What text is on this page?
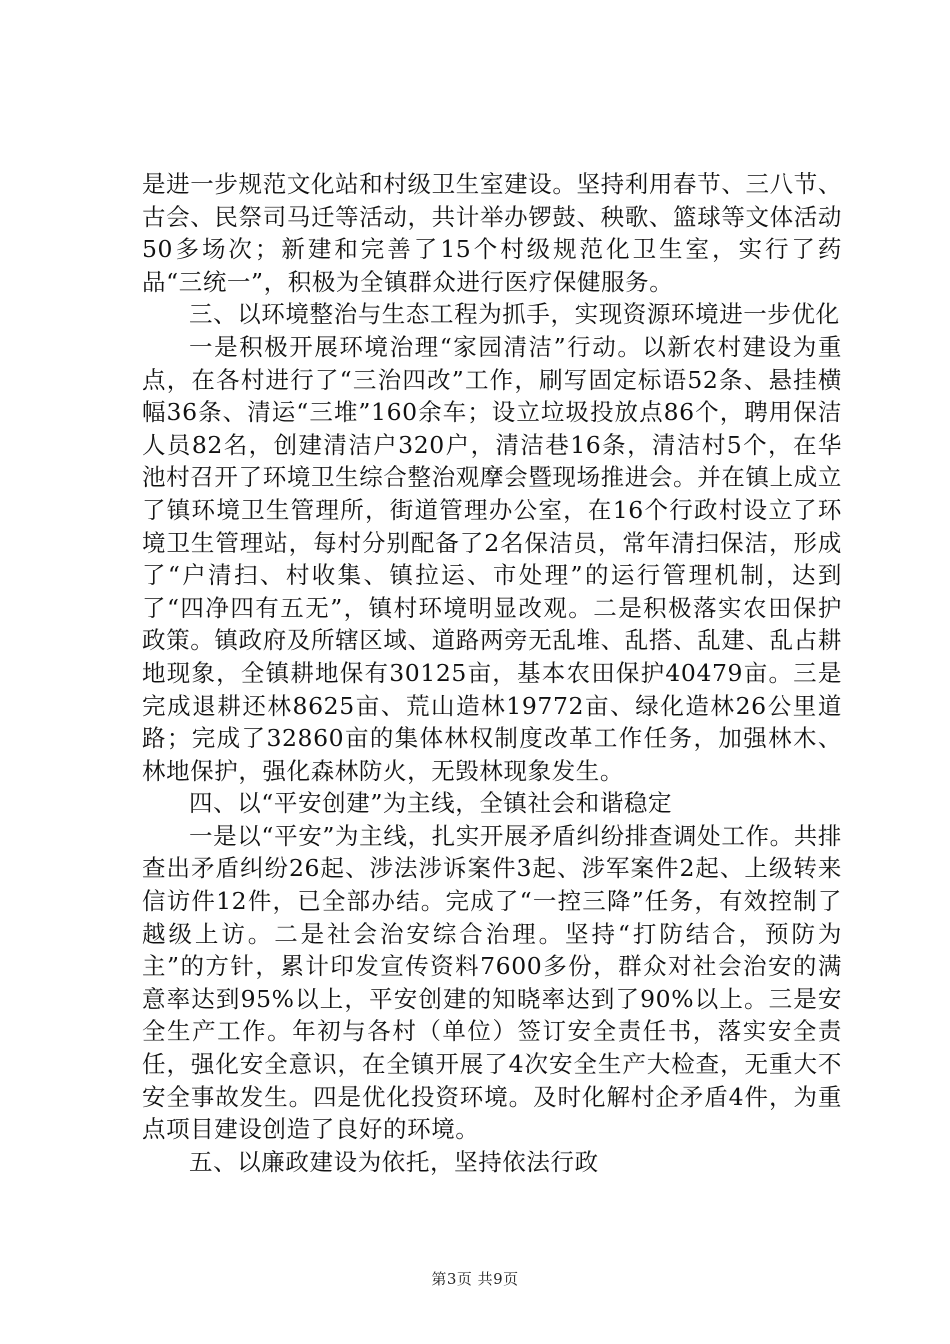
是进一步规范文化站和村级卫生室建设。坚持利用春节、三八节、古会、民祭司马迁等活动，共计举办锣鼓、秧歌、篮球等文体活动50多场次；新建和完善了15个村级规范化卫生室，实行了药品“三统一”，积极为全镇群众进行医疗保健服务。

三、以环境整治与生态工程为抓手，实现资源环境进一步优化

一是积极开展环境治理“家园清洁”行动。以新农村建设为重点，在各村进行了“三治四改”工作，刷写固定标语52条、悬挂横幅36条、清运“三堆”160余车；设立垃圾投放点86个，聘用保洁人员82名，创建清洁户320户，清洁巷16条，清洁村5个，在华池村召开了环境卫生综合整治观摩会暨现场推进会。并在镇上成立了镇环境卫生管理所，街道管理办公室，在16个行政村设立了环境卫生管理站，每村分别配备了2名保洁员，常年清扫保洁，形成了“户清扫、村收集、镇拉运、市处理”的运行管理机制，达到了“四净四有五无”，镇村环境明显改观。二是积极落实农田保护政策。镇政府及所辖区域、道路两旁无乱堆、乱搭、乱建、乱占耕地现象，全镇耕地保有30125亩，基本农田保护40479亩。三是完成退耕还林8625亩、荒山造林19772亩、绿化造林26公里道路；完成了32860亩的集体林权制度改革工作任务，加强林木、林地保护，强化森林防火，无毁林现象发生。

四、以“平安创建”为主线，全镇社会和谐稳定

一是以“平安”为主线，扎实开展矛盾纠纷排查调处工作。共排查出矛盾纠纷26起、涉法涉诉案件3起、涉军案件2起、上级转来信访件12件，已全部办结。完成了“一控三降”任务，有效控制了越级上访。二是社会治安综合治理。坚持“打防结合，预防为主”的方针，累计印发宣传资料7600多份，群众对社会治安的满意率达到95%以上，平安创建的知晓率达到了90%以上。三是安全生产工作。年初与各村（单位）签订安全责任书，落实安全责任，强化安全意识，在全镇开展了4次安全生产大检查，无重大不安全事故发生。四是优化投资环境。及时化解村企矛盾4件，为重点项目建设创造了良好的环境。

五、以廉政建设为依托，坚持依法行政

第3页 共9页
